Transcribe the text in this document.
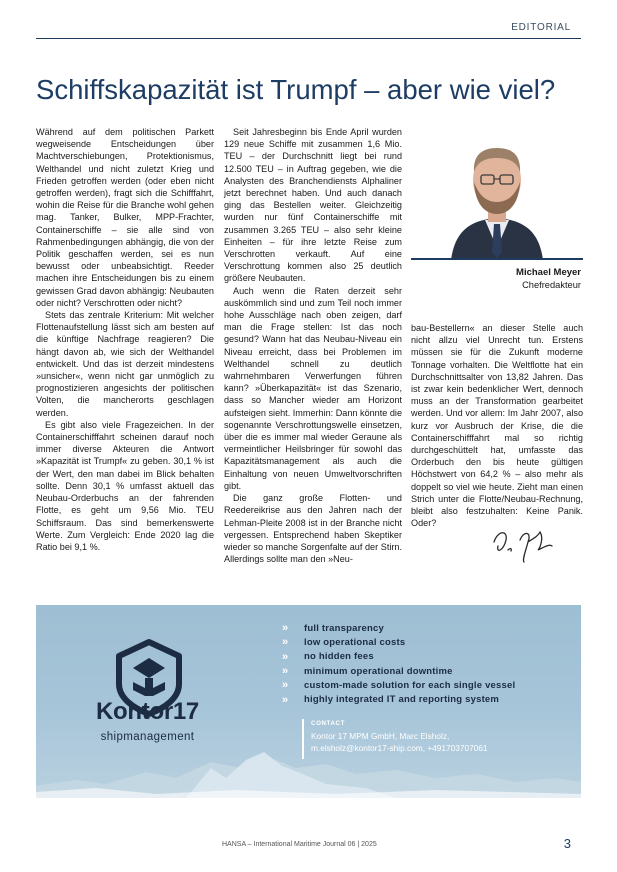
EDITORIAL
Schiffskapazität ist Trumpf – aber wie viel?

Während auf dem politischen Parkett wegweisende Entscheidungen über Machtverschiebungen, Protektionismus, Welthandel und nicht zuletzt Krieg und Frieden getroffen werden (oder eben nicht getroffen werden), fragt sich die Schifffahrt, wohin die Reise für die Branche wohl gehen mag. Tanker, Bulker, MPP-Frachter, Containerschiffe – sie alle sind von Rahmenbedingungen abhängig, die von der Politik geschaffen werden, sei es nun bewusst oder unbeabsichtigt. Reeder machen ihre Entscheidungen bis zu einem gewissen Grad davon abhängig: Neubauten oder nicht? Verschrotten oder nicht?

Stets das zentrale Kriterium: Mit welcher Flottenaufstellung lässt sich am besten auf die künftige Nachfrage reagieren? Die hängt davon ab, wie sich der Welthandel entwickelt. Und das ist derzeit mindestens »unsicher«, wenn nicht gar unmöglich zu prognostizieren angesichts der politischen Volten, die mancherorts geschlagen werden.

Es gibt also viele Fragezeichen. In der Containerschifffahrt scheinen darauf noch immer diverse Akteuren die Antwort »Kapazität ist Trumpf« zu geben. 30,1 % ist der Wert, den man dabei im Blick behalten sollte. Denn 30,1 % umfasst aktuell das Neubau-Orderbuchs an der fahrenden Flotte, es geht um 9,56 Mio. TEU Schiffsraum. Das sind bemerkenswerte Werte. Zum Vergleich: Ende 2020 lag die Ratio bei 9,1 %.

Seit Jahresbeginn bis Ende April wurden 129 neue Schiffe mit zusammen 1,6 Mio. TEU – der Durchschnitt liegt bei rund 12.500 TEU – in Auftrag gegeben, wie die Analysten des Branchendiensts Alphaliner jetzt berechnet haben. Und auch danach ging das Bestellen weiter. Gleichzeitig wurden nur fünf Containerschiffe mit zusammen 3.265 TEU – also sehr kleine Einheiten – für ihre letzte Reise zum Verschrotten verkauft. Auf eine Verschrottung kommen also 25 deutlich größere Neubauten.

Auch wenn die Raten derzeit sehr auskömmlich sind und zum Teil noch immer hohe Ausschläge nach oben zeigen, darf man die Frage stellen: Ist das noch gesund? Wann hat das Neubau-Niveau ein Niveau erreicht, dass bei Problemen im Welthandel schnell zu deutlich wahrnehmbaren Verwerfungen führen kann? »Überkapazität« ist das Szenario, dass so Mancher wieder am Horizont aufsteigen sieht. Immerhin: Dann könnte die sogenannte Verschrottungswelle einsetzen, über die es immer mal wieder Geraune als vermeintlicher Heilsbringer für sowohl das Kapazitätsmanagement als auch die Einhaltung von neuen Umweltvorschriften gibt.

Die ganz große Flotten- und Reedereikrise aus den Jahren nach der Lehman-Pleite 2008 ist in der Branche nicht vergessen. Entsprechend haben Skeptiker wieder so manche Sorgenfalte auf der Stirn. Allerdings sollte man den »Neu-

Michael Meyer
Chefredakteur

bau-Bestellern« an dieser Stelle auch nicht allzu viel Unrecht tun. Erstens müssen sie für die Zukunft moderne Tonnage vorhalten. Die Weltflotte hat ein Durchschnittsalter von 13,82 Jahren. Das ist zwar kein bedenklicher Wert, dennoch muss an der Transformation gearbeitet werden. Und vor allem: Im Jahr 2007, also kurz vor Ausbruch der Krise, die die Containerschifffahrt mal so richtig durchgeschüttelt hat, umfasste das Orderbuch den bis heute gültigen Höchstwert von 64,2 % – also mehr als doppelt so viel wie heute. Zieht man einen Strich unter die Flotte/Neubau-Rechnung, bleibt also festzuhalten: Keine Panik. Oder?

Kontor17
shipmanagement
»	full transparency
»	low operational costs
»	no hidden fees
»	minimum operational downtime
»	custom-made solution for each single vessel
»	highly integrated IT and reporting system
CONTACT
Kontor 17 MPM GmbH, Marc Elsholz,
m.elsholz@kontor17-ship.com, +491703707061
HANSA – International Maritime Journal 06 | 2025	3
